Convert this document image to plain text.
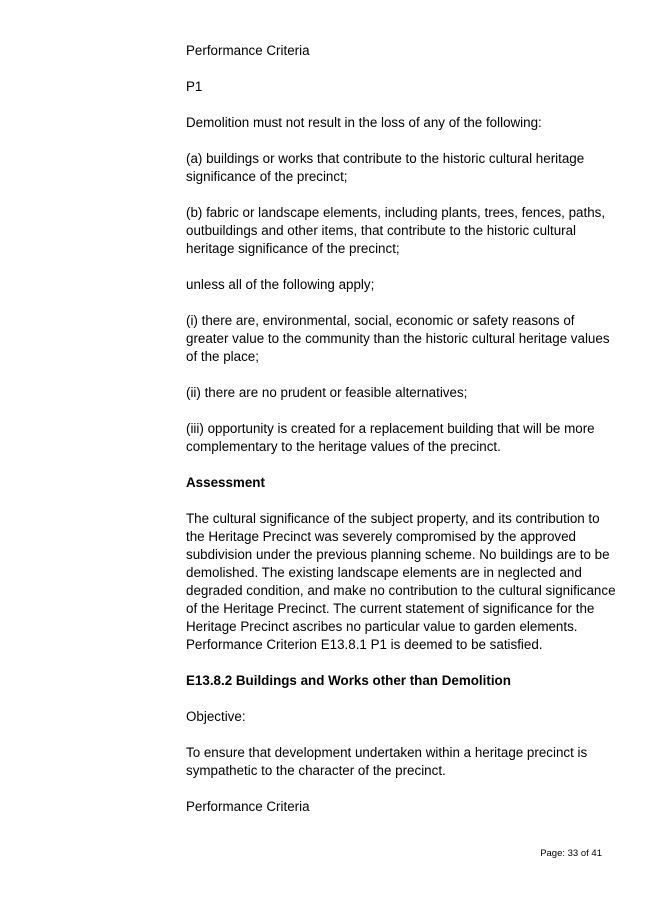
Performance Criteria

P1

Demolition must not result in the loss of any of the following:

(a) buildings or works that contribute to the historic cultural heritage significance of the precinct;

(b) fabric or landscape elements, including plants, trees, fences, paths, outbuildings and other items, that contribute to the historic cultural heritage significance of the precinct;

unless all of the following apply;

(i) there are, environmental, social, economic or safety reasons of greater value to the community than the historic cultural heritage values of the place;

(ii) there are no prudent or feasible alternatives;

(iii) opportunity is created for a replacement building that will be more complementary to the heritage values of the precinct.

Assessment

The cultural significance of the subject property, and its contribution to the Heritage Precinct was severely compromised by the approved subdivision under the previous planning scheme. No buildings are to be demolished. The existing landscape elements are in neglected and degraded condition, and make no contribution to the cultural significance of the Heritage Precinct. The current statement of significance for the Heritage Precinct ascribes no particular value to garden elements. Performance Criterion E13.8.1 P1 is deemed to be satisfied.

E13.8.2 Buildings and Works other than Demolition

Objective:

To ensure that development undertaken within a heritage precinct is sympathetic to the character of the precinct.

Performance Criteria

Page: 33 of 41
